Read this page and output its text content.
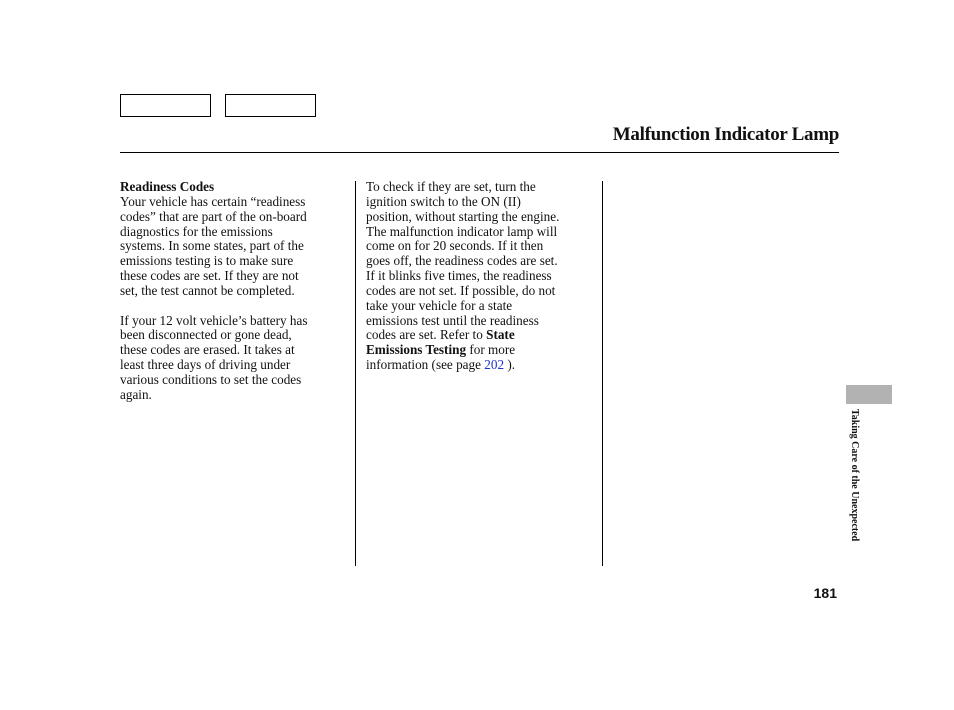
Malfunction Indicator Lamp

Readiness Codes

Your vehicle has certain “readiness

codes” that are part of the on-board

diagnostics for the emissions

systems. In some states, part of the

emissions testing is to make sure

these codes are set. If they are not

set, the test cannot be completed.

If your 12 volt vehicle’s battery has

been disconnected or gone dead,

these codes are erased. It takes at

least three days of driving under

various conditions to set the codes

again.

To check if they are set, turn the

ignition switch to the ON (II)

position, without starting the engine.

The malfunction indicator lamp will

come on for 20 seconds. If it then

goes off, the readiness codes are set.

If it blinks five times, the readiness

codes are not set. If possible, do not

take your vehicle for a state

emissions test until the readiness

codes are set. Refer to State

Emissions Testing for more

information (see page 202 ).

Taking Care of the Unexpected
181
